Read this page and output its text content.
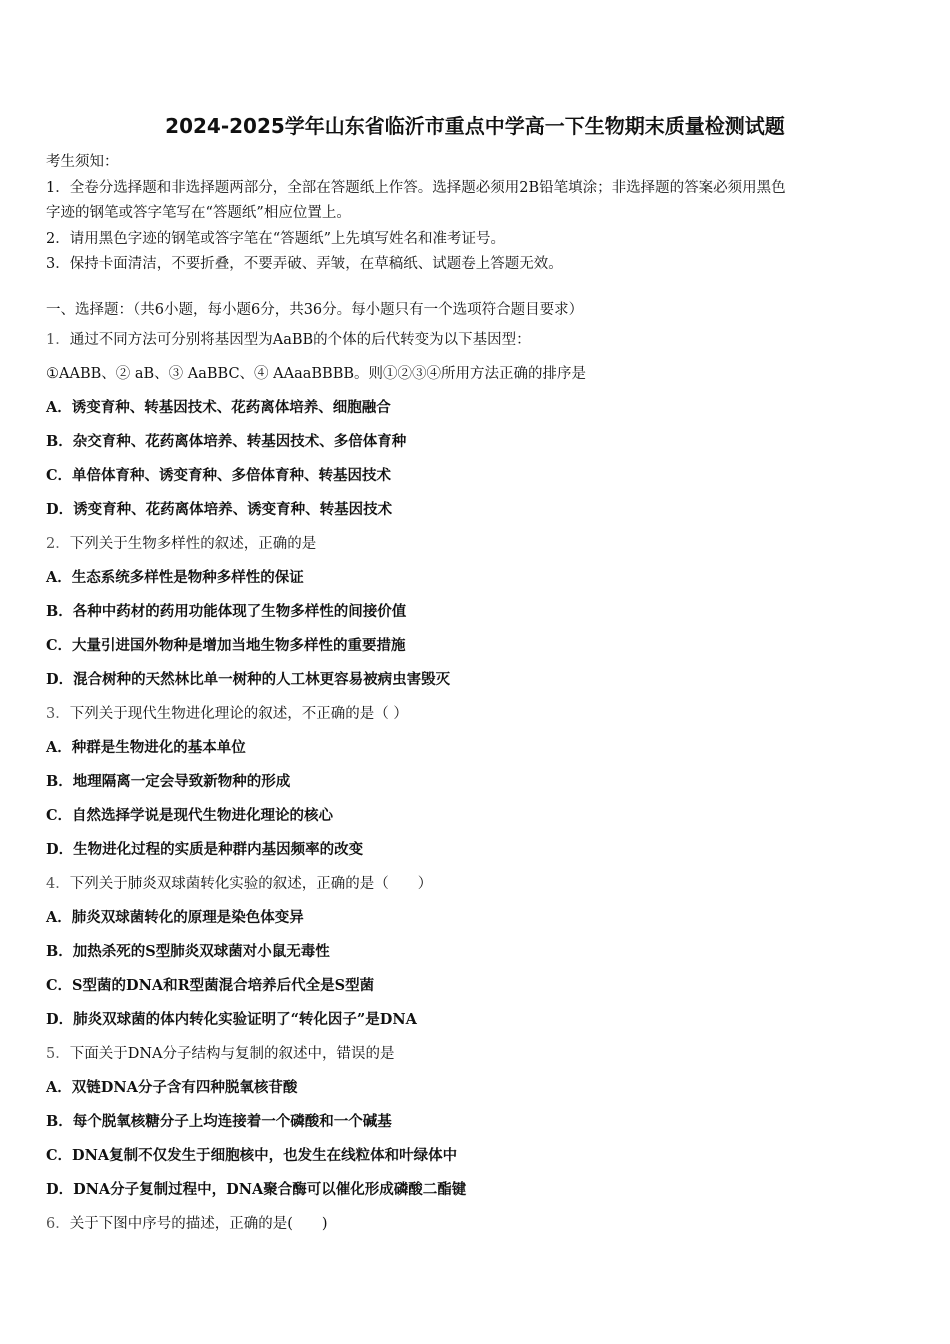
2024-2025学年山东省临沂市重点中学高一下生物期末质量检测试题
考生须知：
1．全卷分选择题和非选择题两部分，全部在答题纸上作答。选择题必须用2B铅笔填涂；非选择题的答案必须用黑色
字迹的钢笔或答字笔写在“答题纸”相应位置上。
2．请用黑色字迹的钢笔或答字笔在“答题纸”上先填写姓名和准考证号。
3．保持卡面清洁，不要折叠，不要弄破、弄皱，在草稿纸、试题卷上答题无效。
一、选择题：（共6小题，每小题6分，共36分。每小题只有一个选项符合题目要求）
1．通过不同方法可分别将基因型为AaBB的个体的后代转变为以下基因型：
①AABB、② aB、③ AaBBC、④ AAaaBBBB。则①②③④所用方法正确的排序是
A．诱变育种、转基因技术、花药离体培养、细胞融合
B．杂交育种、花药离体培养、转基因技术、多倍体育种
C．单倍体育种、诱变育种、多倍体育种、转基因技术
D．诱变育种、花药离体培养、诱变育种、转基因技术
2．下列关于生物多样性的叙述，正确的是
A．生态系统多样性是物种多样性的保证
B．各种中药材的药用功能体现了生物多样性的间接价值
C．大量引进国外物种是增加当地生物多样性的重要措施
D．混合树种的天然林比单一树种的人工林更容易被病虫害毁灭
3．下列关于现代生物进化理论的叙述，不正确的是（ ）
A．种群是生物进化的基本单位
B．地理隔离一定会导致新物种的形成
C．自然选择学说是现代生物进化理论的核心
D．生物进化过程的实质是种群内基因频率的改变
4．下列关于肺炎双球菌转化实验的叙述，正确的是（　　）
A．肺炎双球菌转化的原理是染色体变异
B．加热杀死的S型肺炎双球菌对小鼠无毒性
C．S型菌的DNA和R型菌混合培养后代全是S型菌
D．肺炎双球菌的体内转化实验证明了“转化因子”是DNA
5．下面关于DNA分子结构与复制的叙述中，错误的是
A．双链DNA分子含有四种脱氧核苷酸
B．每个脱氧核糖分子上均连接着一个磷酸和一个碱基
C．DNA复制不仅发生于细胞核中，也发生在线粒体和叶绿体中
D．DNA分子复制过程中，DNA聚合酶可以催化形成磷酸二酯键
6．关于下图中序号的描述，正确的是(　　)
